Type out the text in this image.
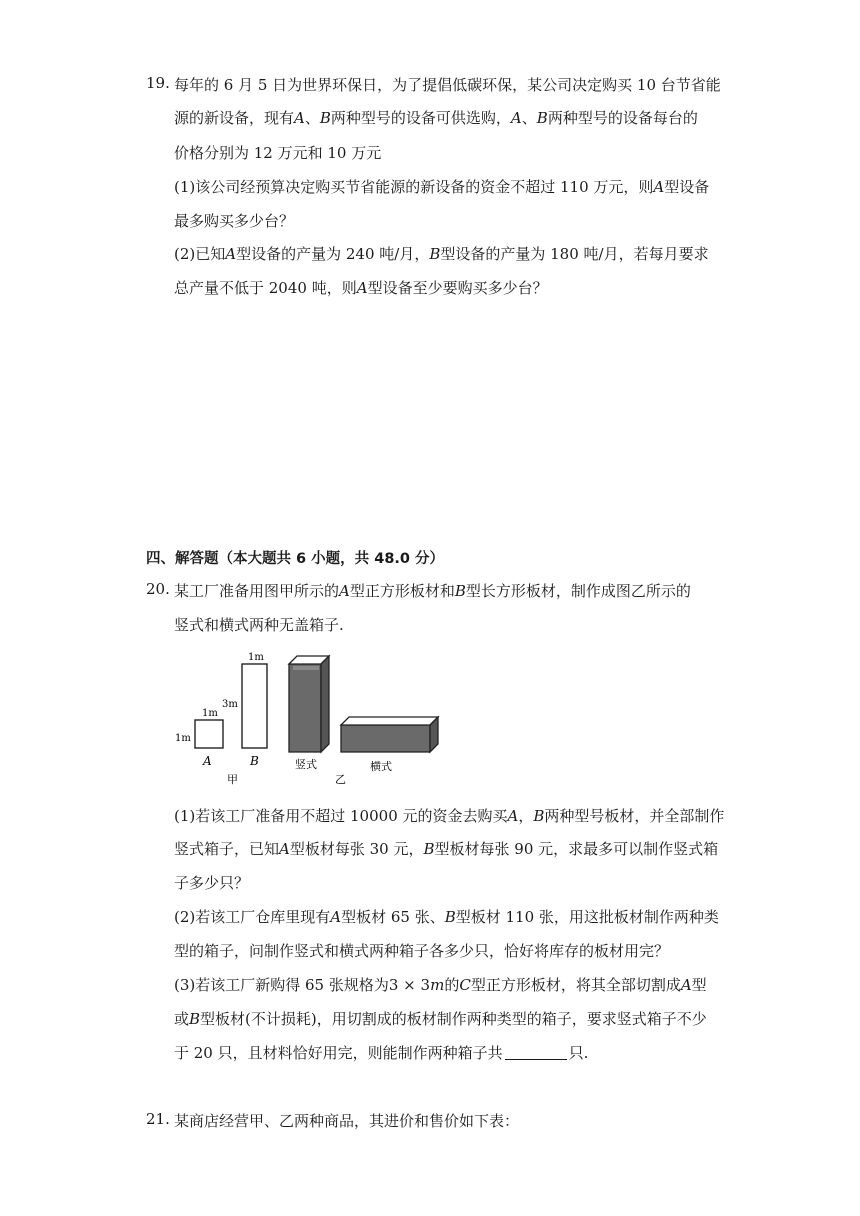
19. 每年的 6 月 5 日为世界环保日，为了提倡低碳环保，某公司决定购买 10 台节省能
源的新设备，现有A、B两种型号的设备可供选购，A、B两种型号的设备每台的
价格分别为 12 万元和 10 万元
(1)该公司经预算决定购买节省能源的新设备的资金不超过 110 万元，则A型设备
最多购买多少台？
(2)已知A型设备的产量为 240 吨/月，B型设备的产量为 180 吨/月，若每月要求
总产量不低于 2040 吨，则A型设备至少要购买多少台？
四、解答题（本大题共 6 小题，共 48.0 分）
20. 某工厂准备用图甲所示的A型正方形板材和B型长方形板材，制作成图乙所示的
竖式和横式两种无盖箱子.
1m
1m
A
1m
3m
B
甲
竖式	横式
乙
(1)若该工厂准备用不超过 10000 元的资金去购买A，B两种型号板材，并全部制作
竖式箱子，已知A型板材每张 30 元，B型板材每张 90 元，求最多可以制作竖式箱
子多少只？
(2)若该工厂仓库里现有A型板材 65 张、B型板材 110 张，用这批板材制作两种类
型的箱子，问制作竖式和横式两种箱子各多少只，恰好将库存的板材用完？
(3)若该工厂新购得 65 张规格为3 × 3m的C型正方形板材，将其全部切割成A型
或B型板材(不计损耗)，用切割成的板材制作两种类型的箱子，要求竖式箱子不少
于 20 只，且材料恰好用完，则能制作两种箱子共	只.
21. 某商店经营甲、乙两种商品，其进价和售价如下表：
